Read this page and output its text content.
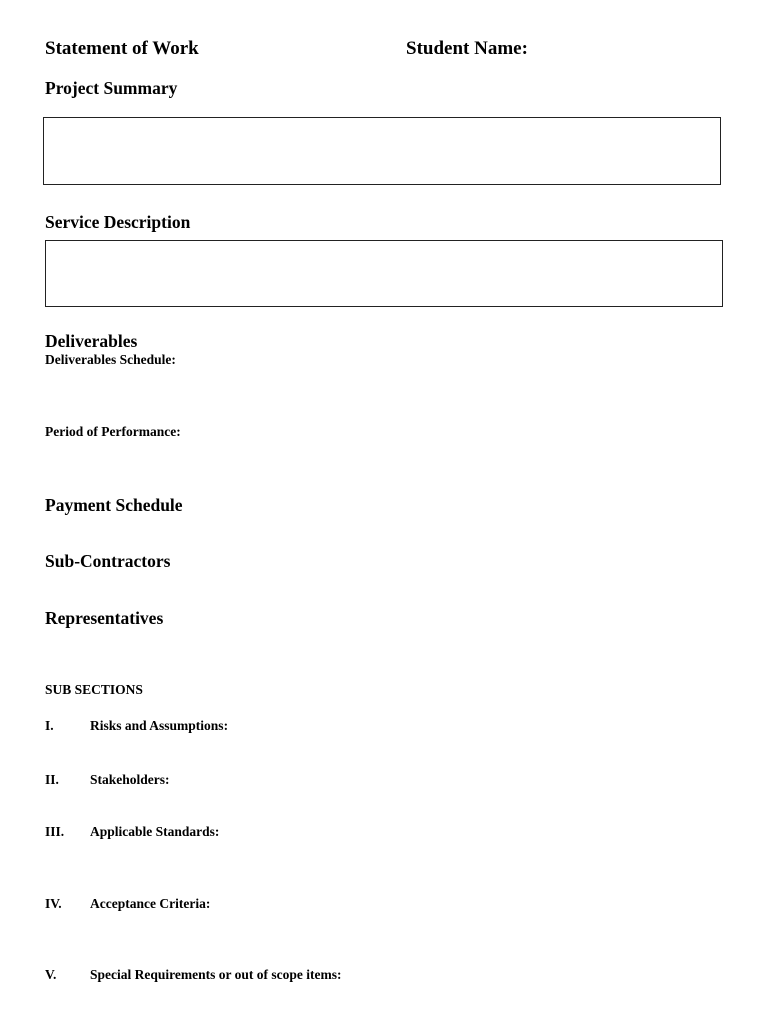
Statement of Work	Student Name:
Project Summary
Service Description
Deliverables
Deliverables Schedule:
Period of Performance:
Payment Schedule
Sub-Contractors
Representatives
SUB SECTIONS
I.	Risks and Assumptions:
II. Stakeholders:
III. Applicable Standards:
IV. Acceptance Criteria:
V. Special Requirements or out of scope items:
